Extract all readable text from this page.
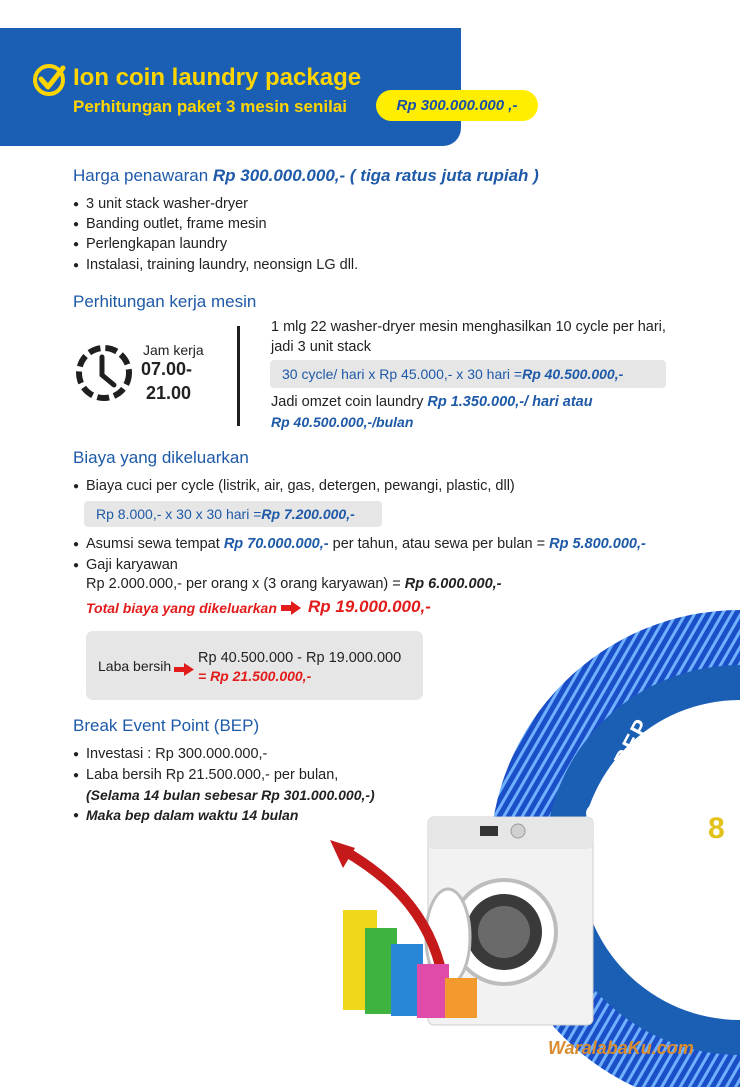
Ion coin laundry package
Perhitungan paket 3 mesin senilai	Rp 300.000.000 ,-
Harga penawaran Rp 300.000.000,- ( tiga ratus juta rupiah )
● 3 unit stack washer-dryer
● Banding outlet, frame mesin
● Perlengkapan laundry
● Instalasi, training laundry, neonsign LG dll.
Perhitungan kerja mesin
Jam kerja
07.00-
21.00
1 mlg 22 washer-dryer mesin menghasilkan 10 cycle per hari,
jadi 3 unit stack
30 cycle/ hari x Rp 45.000,- x 30 hari = Rp 40.500.000,-
Jadi omzet coin laundry Rp 1.350.000,-/ hari atau
Rp 40.500.000,-/bulan
Biaya yang dikeluarkan
● Biaya cuci per cycle (listrik, air, gas, detergen, pewangi, plastic, dll)
Rp 8.000,- x 30 x 30 hari = Rp 7.200.000,-
● Asumsi sewa tempat Rp 70.000.000,- per tahun, atau sewa per bulan = Rp 5.800.000,-
● Gaji karyawan
Rp 2.000.000,- per orang x (3 orang karyawan) = Rp 6.000.000,-
Total biaya yang dikeluarkan Rp 19.000.000,-
Laba bersih Rp 40.500.000 - Rp 19.000.000
= Rp 21.500.000,-
Break Event Point (BEP)
● Investasi : Rp 300.000.000,-
● Laba bersih Rp 21.500.000,- per bulan,
(Selama 14 bulan sebesar Rp 301.000.000,-)
● Maka bep dalam waktu 14 bulan
BEP
8
WaralabaKu.com
